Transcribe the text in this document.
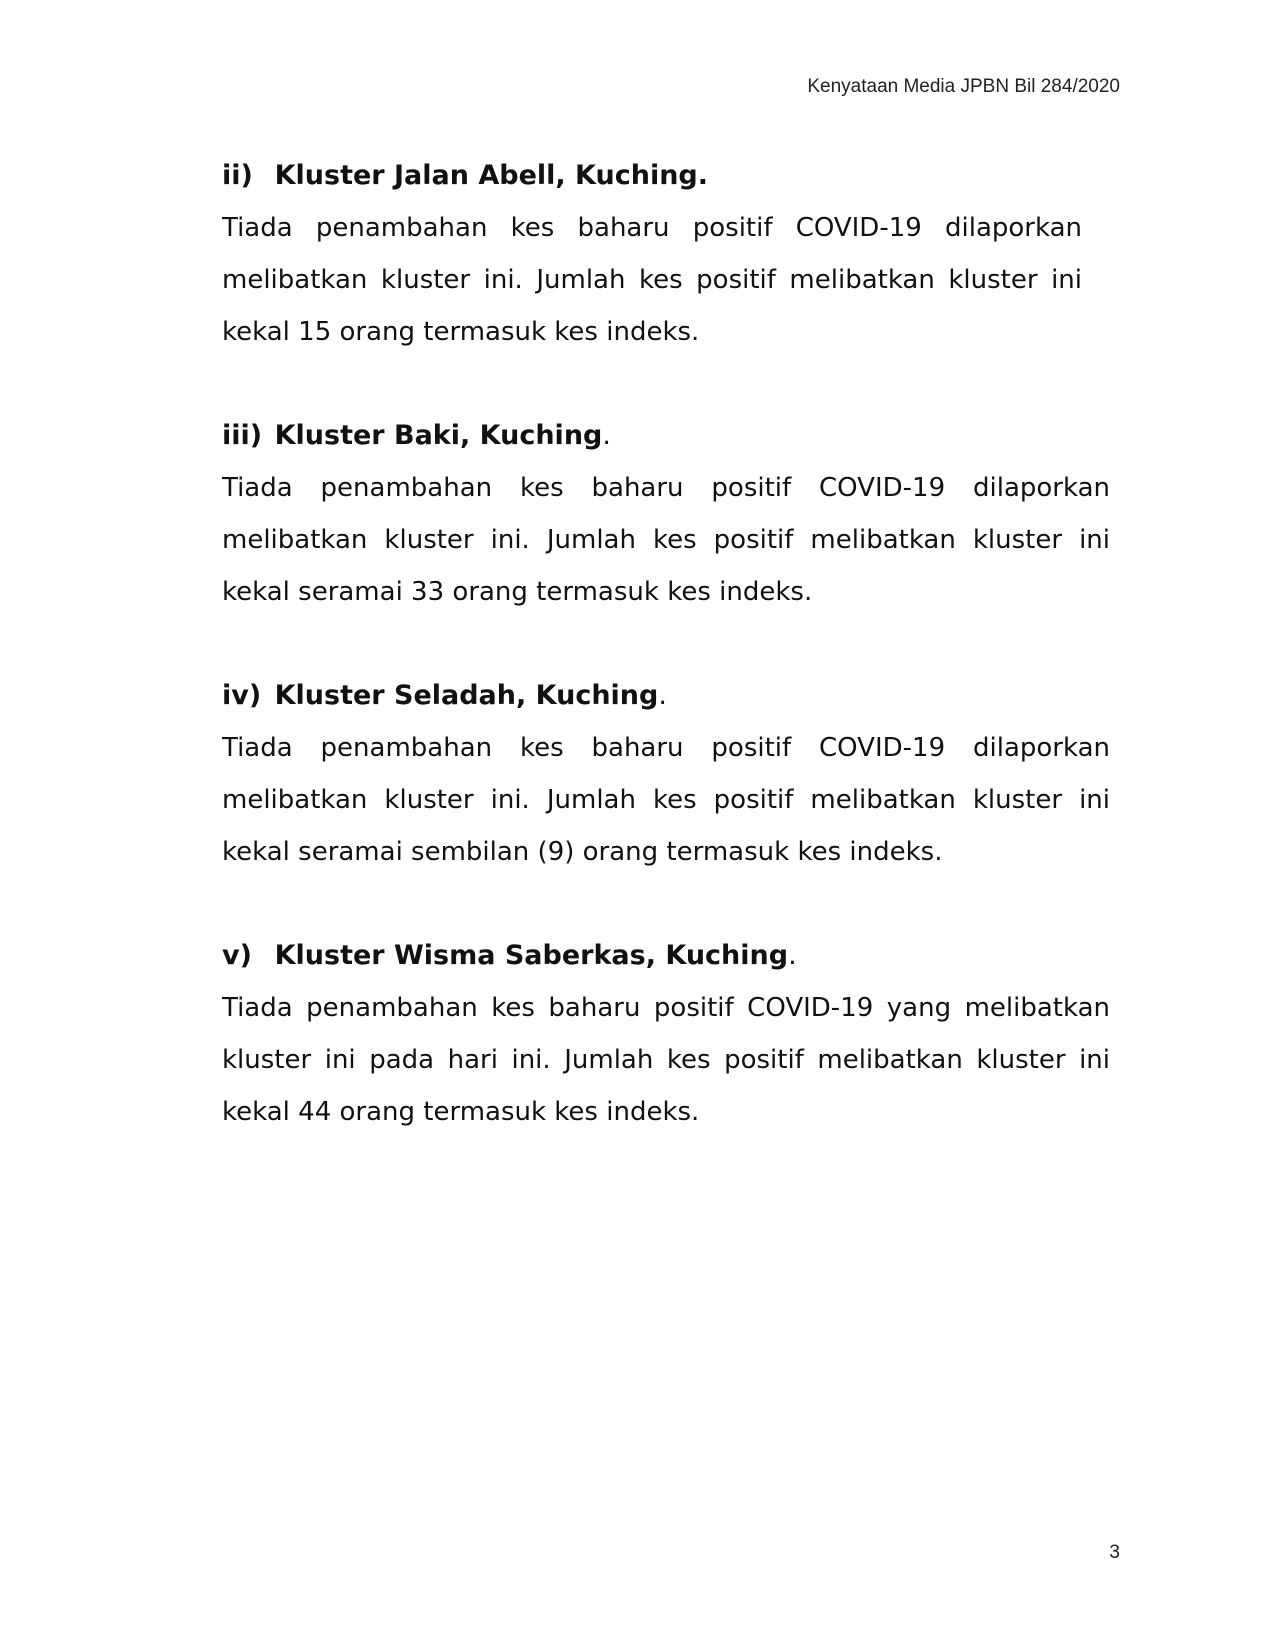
Kenyataan Media JPBN Bil 284/2020
ii) Kluster Jalan Abell, Kuching.

Tiada penambahan kes baharu positif COVID-19 dilaporkan melibatkan kluster ini. Jumlah kes positif melibatkan kluster ini kekal 15 orang termasuk kes indeks.

iii) Kluster Baki, Kuching.

Tiada penambahan kes baharu positif COVID-19 dilaporkan melibatkan kluster ini. Jumlah kes positif melibatkan kluster ini kekal seramai 33 orang termasuk kes indeks.

iv) Kluster Seladah, Kuching.

Tiada penambahan kes baharu positif COVID-19 dilaporkan melibatkan kluster ini. Jumlah kes positif melibatkan kluster ini kekal seramai sembilan (9) orang termasuk kes indeks.

v) Kluster Wisma Saberkas, Kuching.

Tiada penambahan kes baharu positif COVID-19 yang melibatkan kluster ini pada hari ini. Jumlah kes positif melibatkan kluster ini kekal 44 orang termasuk kes indeks.

3
